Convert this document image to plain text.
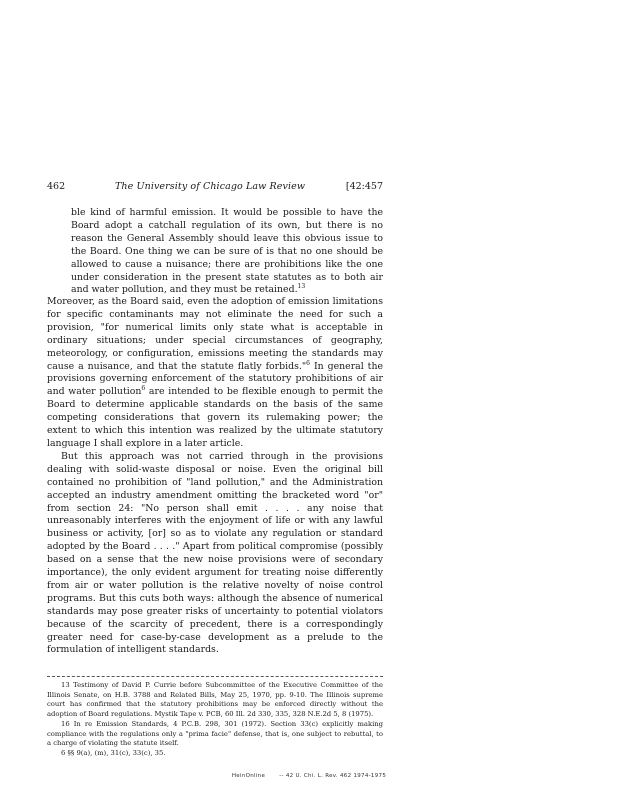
462	The University of Chicago Law Review	[42:457
ble kind of harmful emission. It would be possible to have the Board adopt a catchall regulation of its own, but there is no reason the General Assembly should leave this obvious issue to the Board. One thing we can be sure of is that no one should be allowed to cause a nuisance; there are prohibitions like the one under consideration in the present state statutes as to both air and water pollution, and they must be retained.$^{13}$

Moreover, as the Board said, even the adoption of emission limitations for specific contaminants may not eliminate the need for such a provision, "for numerical limits only state what is acceptable in ordinary situations; under special circumstances of geography, meteorology, or configuration, emissions meeting the standards may cause a nuisance, and that the statute flatly forbids."$^6$ In general the provisions governing enforcement of the statutory prohibitions of air and water pollution$^6$ are intended to be flexible enough to permit the Board to determine applicable standards on the basis of the same competing considerations that govern its rulemaking power; the extent to which this intention was realized by the ultimate statutory language I shall explore in a later article.

But this approach was not carried through in the provisions dealing with solid-waste disposal or noise. Even the original bill contained no prohibition of "land pollution," and the Administration accepted an industry amendment omitting the bracketed word "or" from section 24: "No person shall emit . . . . any noise that unreasonably interferes with the enjoyment of life or with any lawful business or activity, [or] so as to violate any regulation or standard adopted by the Board . . . ." Apart from political compromise (possibly based on a sense that the new noise provisions were of secondary importance), the only evident argument for treating noise differently from air or water pollution is the relative novelty of noise control programs. But this cuts both ways: although the absence of numerical standards may pose greater risks of uncertainty to potential violators because of the scarcity of precedent, there is a correspondingly greater need for case-by-case development as a prelude to the formulation of intelligent standards.

13 Testimony of David P. Currie before Subcommittee of the Executive Committee of the Illinois Senate, on H.B. 3788 and Related Bills, May 25, 1970, pp. 9-10. The Illinois supreme court has confirmed that the statutory prohibitions may be enforced directly without the adoption of Board regulations. Mystik Tape v. PCB, 60 Ill. 2d 330, 335, 328 N.E.2d 5, 8 (1975).

16 In re Emission Standards, 4 P.C.B. 298, 301 (1972). Section 33(c) explicitly making compliance with the regulations only a "prima facie" defense, that is, one subject to rebuttal, to a charge of violating the statute itself.

6 §§ 9(a), (m), 31(c), 33(c), 35.

HeinOnline	-- 42 U. Chi. L. Rev. 462 1974-1975
